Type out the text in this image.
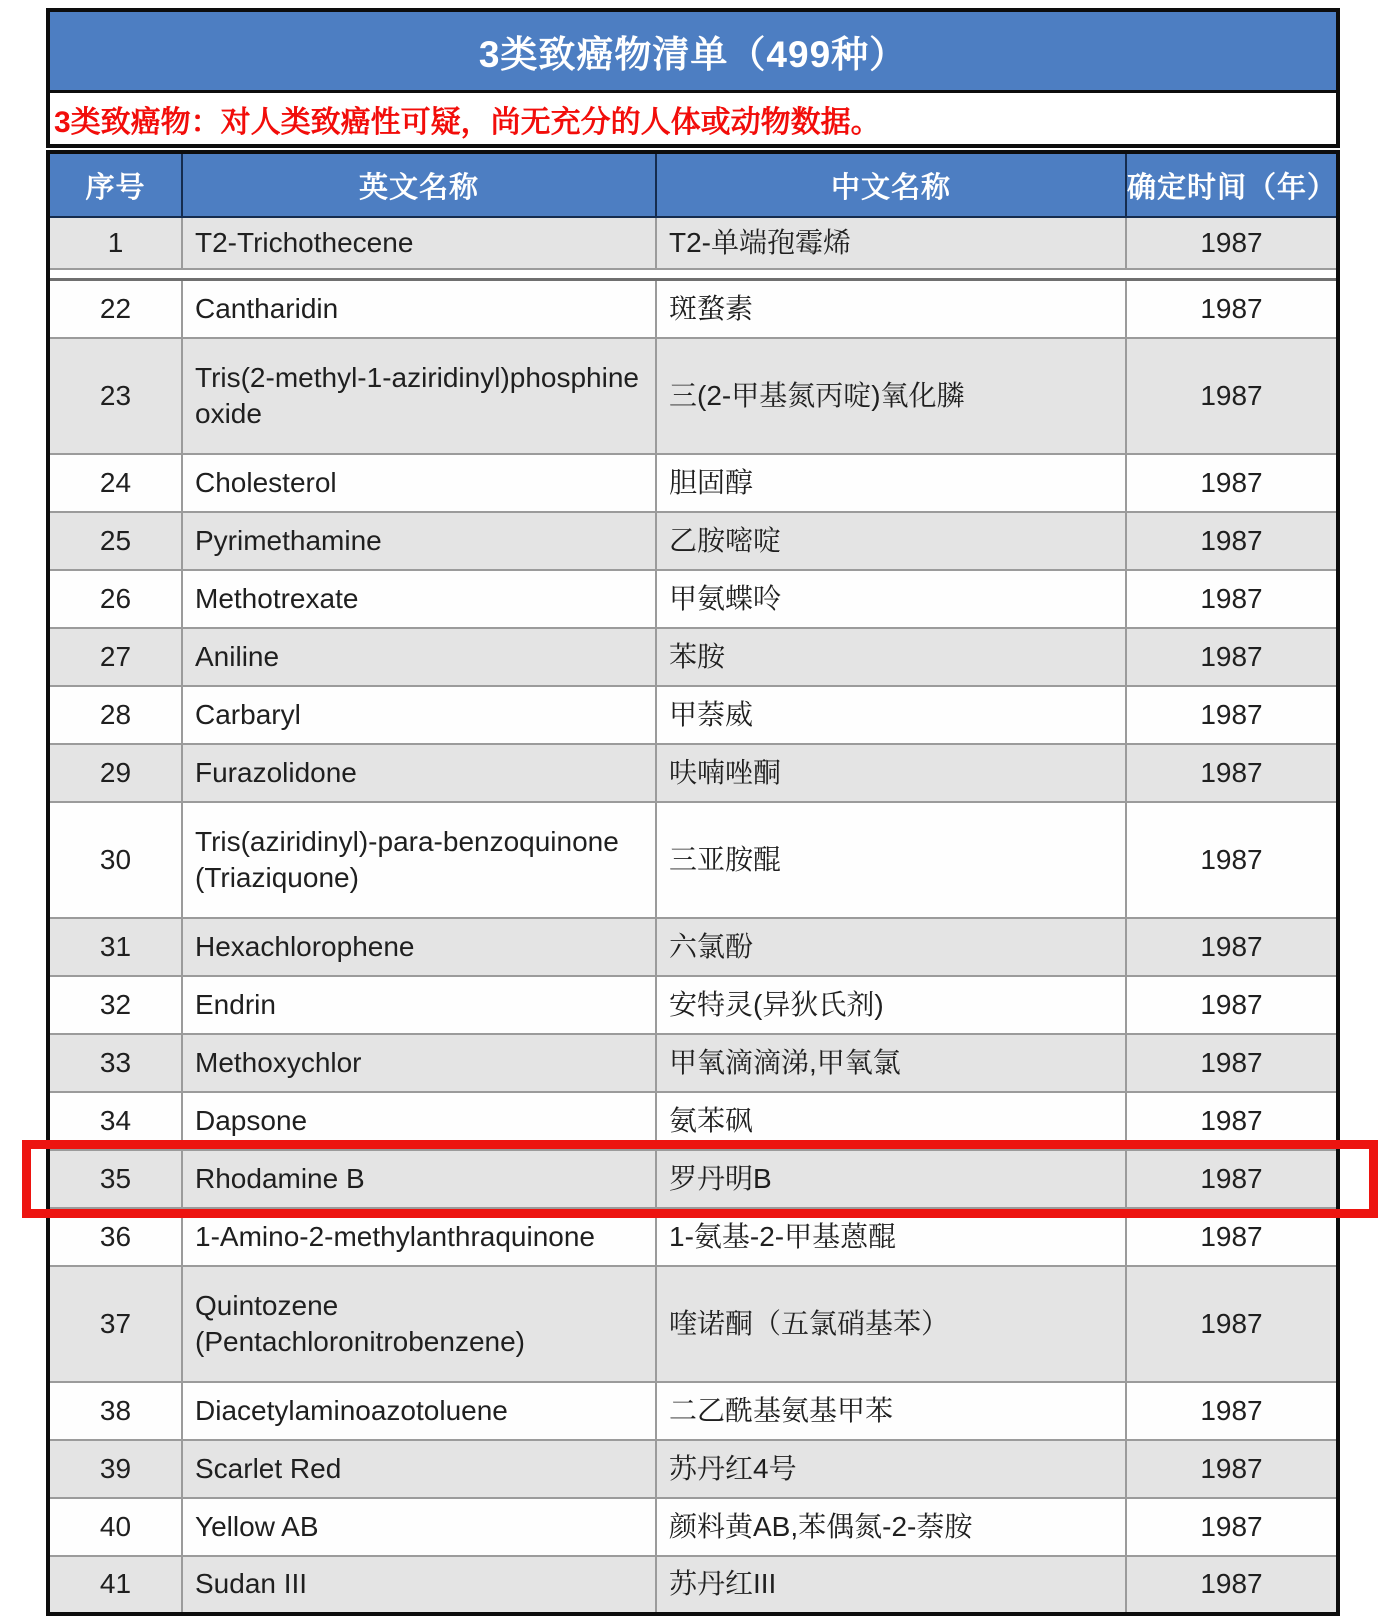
3类致癌物清单（499种）
3类致癌物：对人类致癌性可疑，尚无充分的人体或动物数据。
序号	英文名称	中文名称	确定时间（年）
1	T2-Trichothecene	T2-单端孢霉烯	1987

22	Cantharidin	斑蝥素	1987
23	Tris(2-methyl-1-aziridinyl)phosphine oxide	三(2-甲基氮丙啶)氧化膦	1987
24	Cholesterol	胆固醇	1987
25	Pyrimethamine	乙胺嘧啶	1987
26	Methotrexate	甲氨蝶呤	1987
27	Aniline	苯胺	1987
28	Carbaryl	甲萘威	1987
29	Furazolidone	呋喃唑酮	1987
30	Tris(aziridinyl)-para-benzoquinone (Triaziquone)	三亚胺醌	1987
31	Hexachlorophene	六氯酚	1987
32	Endrin	安特灵(异狄氏剂)	1987
33	Methoxychlor	甲氧滴滴涕,甲氧氯	1987
34	Dapsone	氨苯砜	1987
35	Rhodamine B	罗丹明B	1987
36	1-Amino-2-methylanthraquinone	1-氨基-2-甲基蒽醌	1987
37	Quintozene (Pentachloronitrobenzene)	喹诺酮（五氯硝基苯）	1987
38	Diacetylaminoazotoluene	二乙酰基氨基甲苯	1987
39	Scarlet Red	苏丹红4号	1987
40	Yellow AB	颜料黄AB,苯偶氮-2-萘胺	1987
41	Sudan III	苏丹红III	1987
